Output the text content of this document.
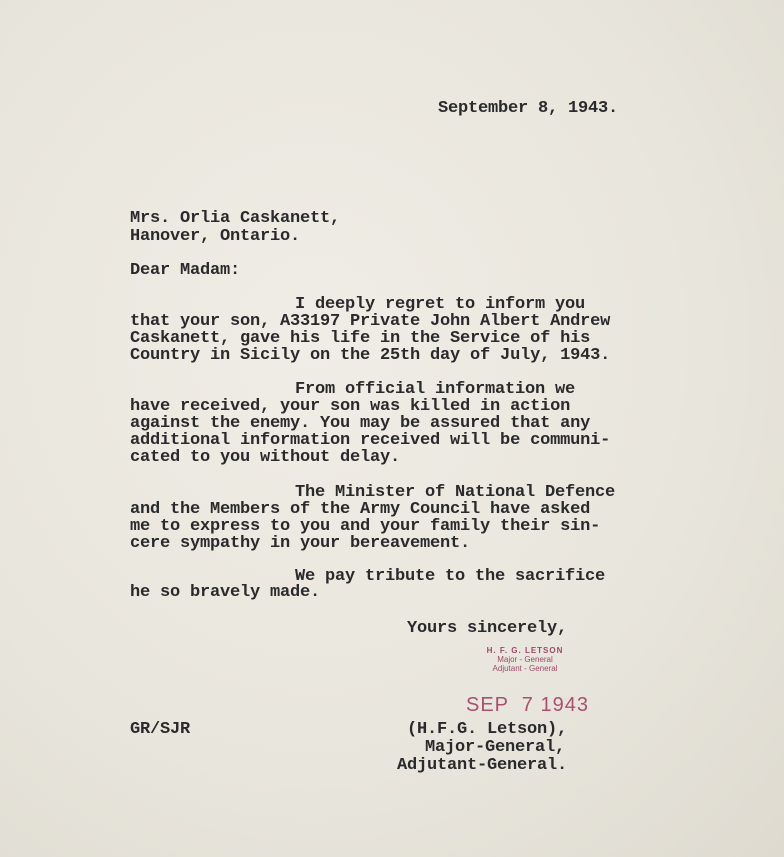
September 8, 1943.
Mrs. Orlia Caskanett,
Hanover, Ontario.
Dear Madam:
I deeply regret to inform you
that your son, A33197 Private John Albert Andrew
Caskanett, gave his life in the Service of his
Country in Sicily on the 25th day of July, 1943.
From official information we
have received, your son was killed in action
against the enemy. You may be assured that any
additional information received will be communi-
cated to you without delay.
The Minister of National Defence
and the Members of the Army Council have asked
me to express to you and your family their sin-
cere sympathy in your bereavement.
We pay tribute to the sacrifice
he so bravely made.
Yours sincerely,
H. F. G. LETSON
Major - General
Adjutant - General
SEP  7 1943
GR/SJR	(H.F.G. Letson),
Major-General,
Adjutant-General.
